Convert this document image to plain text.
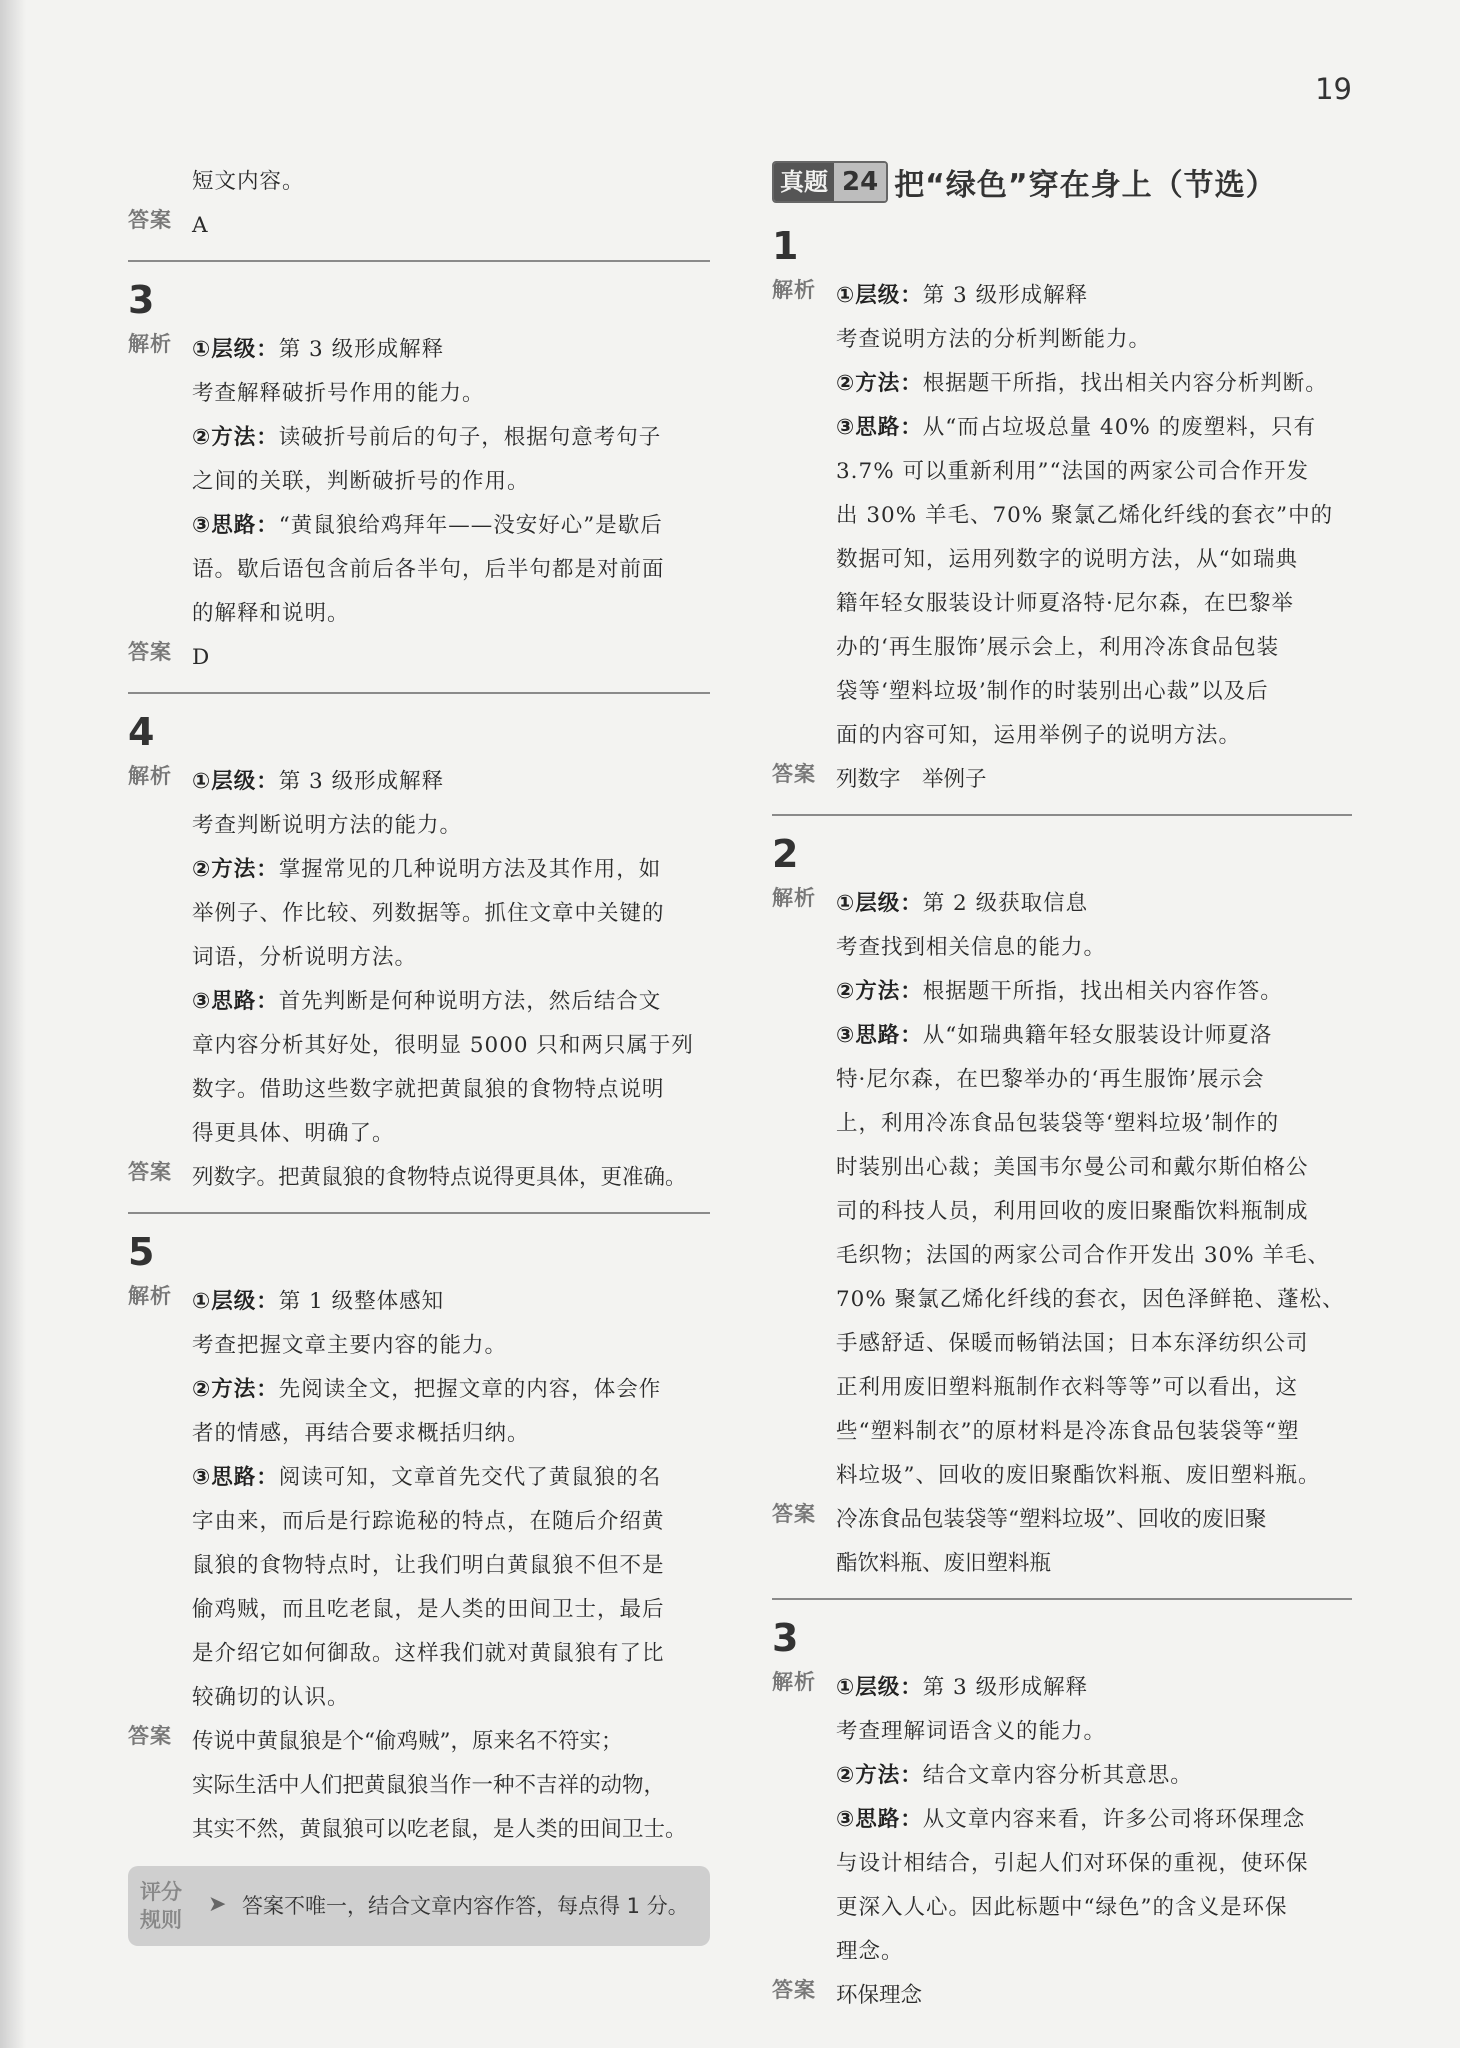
19
短文内容。
答案 A
3
解析 ①层级：第 3 级形成解释
考查解释破折号作用的能力。
②方法：读破折号前后的句子，根据句意考句子
之间的关联，判断破折号的作用。
③思路：“黄鼠狼给鸡拜年——没安好心”是歇后
语。歇后语包含前后各半句，后半句都是对前面
的解释和说明。
答案 D
4
解析 ①层级：第 3 级形成解释
考查判断说明方法的能力。
②方法：掌握常见的几种说明方法及其作用，如
举例子、作比较、列数据等。抓住文章中关键的
词语，分析说明方法。
③思路：首先判断是何种说明方法，然后结合文
章内容分析其好处，很明显 5000 只和两只属于列
数字。借助这些数字就把黄鼠狼的食物特点说明
得更具体、明确了。
答案 列数字。把黄鼠狼的食物特点说得更具体，更准确。
5
解析 ①层级：第 1 级整体感知
考查把握文章主要内容的能力。
②方法：先阅读全文，把握文章的内容，体会作
者的情感，再结合要求概括归纳。
③思路：阅读可知，文章首先交代了黄鼠狼的名
字由来，而后是行踪诡秘的特点，在随后介绍黄
鼠狼的食物特点时，让我们明白黄鼠狼不但不是
偷鸡贼，而且吃老鼠，是人类的田间卫士，最后
是介绍它如何御敌。这样我们就对黄鼠狼有了比
较确切的认识。
答案 传说中黄鼠狼是个“偷鸡贼”，原来名不符实；
实际生活中人们把黄鼠狼当作一种不吉祥的动物，
其实不然，黄鼠狼可以吃老鼠，是人类的田间卫士。
评分
规则
➤ 答案不唯一，结合文章内容作答，每点得 1 分。
真题 24 把“绿色”穿在身上（节选）
1
解析 ①层级：第 3 级形成解释
考查说明方法的分析判断能力。
②方法：根据题干所指，找出相关内容分析判断。
③思路：从“而占垃圾总量 40% 的废塑料，只有
3.7% 可以重新利用”“法国的两家公司合作开发
出 30% 羊毛、70% 聚氯乙烯化纤线的套衣”中的
数据可知，运用列数字的说明方法，从“如瑞典
籍年轻女服装设计师夏洛特·尼尔森，在巴黎举
办的‘再生服饰’展示会上，利用冷冻食品包装
袋等‘塑料垃圾’制作的时装别出心裁”以及后
面的内容可知，运用举例子的说明方法。
答案 列数字　举例子
2
解析 ①层级：第 2 级获取信息
考查找到相关信息的能力。
②方法：根据题干所指，找出相关内容作答。
③思路：从“如瑞典籍年轻女服装设计师夏洛
特·尼尔森，在巴黎举办的‘再生服饰’展示会
上，利用冷冻食品包装袋等‘塑料垃圾’制作的
时装别出心裁；美国韦尔曼公司和戴尔斯伯格公
司的科技人员，利用回收的废旧聚酯饮料瓶制成
毛织物；法国的两家公司合作开发出 30% 羊毛、
70% 聚氯乙烯化纤线的套衣，因色泽鲜艳、蓬松、
手感舒适、保暖而畅销法国；日本东泽纺织公司
正利用废旧塑料瓶制作衣料等等”可以看出，这
些“塑料制衣”的原材料是冷冻食品包装袋等“塑
料垃圾”、回收的废旧聚酯饮料瓶、废旧塑料瓶。
答案 冷冻食品包装袋等“塑料垃圾”、回收的废旧聚
酯饮料瓶、废旧塑料瓶
3
解析 ①层级：第 3 级形成解释
考查理解词语含义的能力。
②方法：结合文章内容分析其意思。
③思路：从文章内容来看，许多公司将环保理念
与设计相结合，引起人们对环保的重视，使环保
更深入人心。因此标题中“绿色”的含义是环保
理念。
答案 环保理念
